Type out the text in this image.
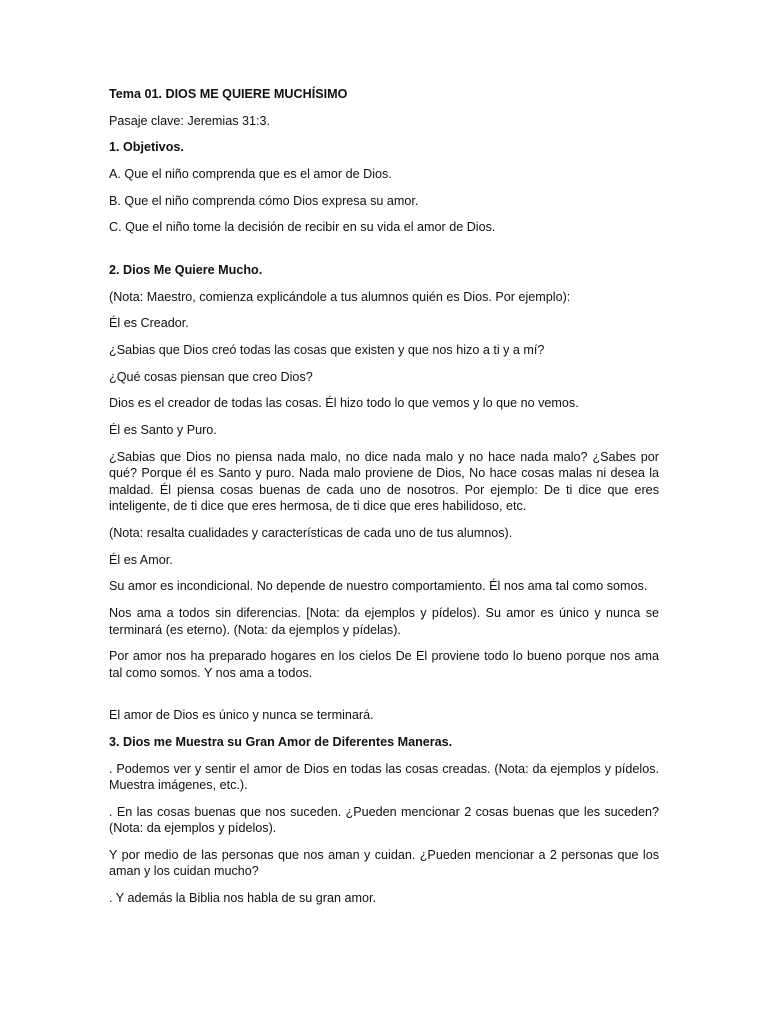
Tema 01. DIOS ME QUIERE MUCHÍSIMO

Pasaje clave: Jeremias 31:3.

1. Objetivos.

A. Que el niño comprenda que es el amor de Dios.

B. Que el niño comprenda cómo Dios expresa su amor.

C. Que el niño tome la decisión de recibir en su vida el amor de Dios.

2. Dios Me Quiere Mucho.

(Nota: Maestro, comienza explicándole a tus alumnos quién es Dios. Por ejemplo):

Él es Creador.

¿Sabias que Dios creó todas las cosas que existen y que nos hizo a ti y a mí?

¿Qué cosas piensan que creo Dios?

Dios es el creador de todas las cosas. Él hizo todo lo que vemos y lo que no vemos.

Él es Santo y Puro.

¿Sabias que Dios no piensa nada malo, no dice nada malo y no hace nada malo? ¿Sabes por qué? Porque él es Santo y puro. Nada malo proviene de Dios, No hace cosas malas ni desea la maldad. Él piensa cosas buenas de cada uno de nosotros. Por ejemplo: De ti dice que eres inteligente, de ti dice que eres hermosa, de ti dice que eres habilidoso, etc.

(Nota: resalta cualidades y características de cada uno de tus alumnos).

Él es Amor.

Su amor es incondicional. No depende de nuestro comportamiento. Él nos ama tal como somos.

Nos ama a todos sin diferencias. [Nota: da ejemplos y pídelos). Su amor es único y nunca se terminará (es eterno). (Nota: da ejemplos y pídelas).

Por amor nos ha preparado hogares en los cielos De El proviene todo lo bueno porque nos ama tal como somos. Y nos ama a todos.

El amor de Dios es único y nunca se terminará.

3. Dios me Muestra su Gran Amor de Diferentes Maneras.

. Podemos ver y sentir el amor de Dios en todas las cosas creadas. (Nota: da ejemplos y pídelos. Muestra imágenes, etc.).

. En las cosas buenas que nos suceden. ¿Pueden mencionar 2 cosas buenas que les suceden? (Nota: da ejemplos y pídelos).

Y por medio de las personas que nos aman y cuidan. ¿Pueden mencionar a 2 personas que los aman y los cuidan mucho?

. Y además la Biblia nos habla de su gran amor.
